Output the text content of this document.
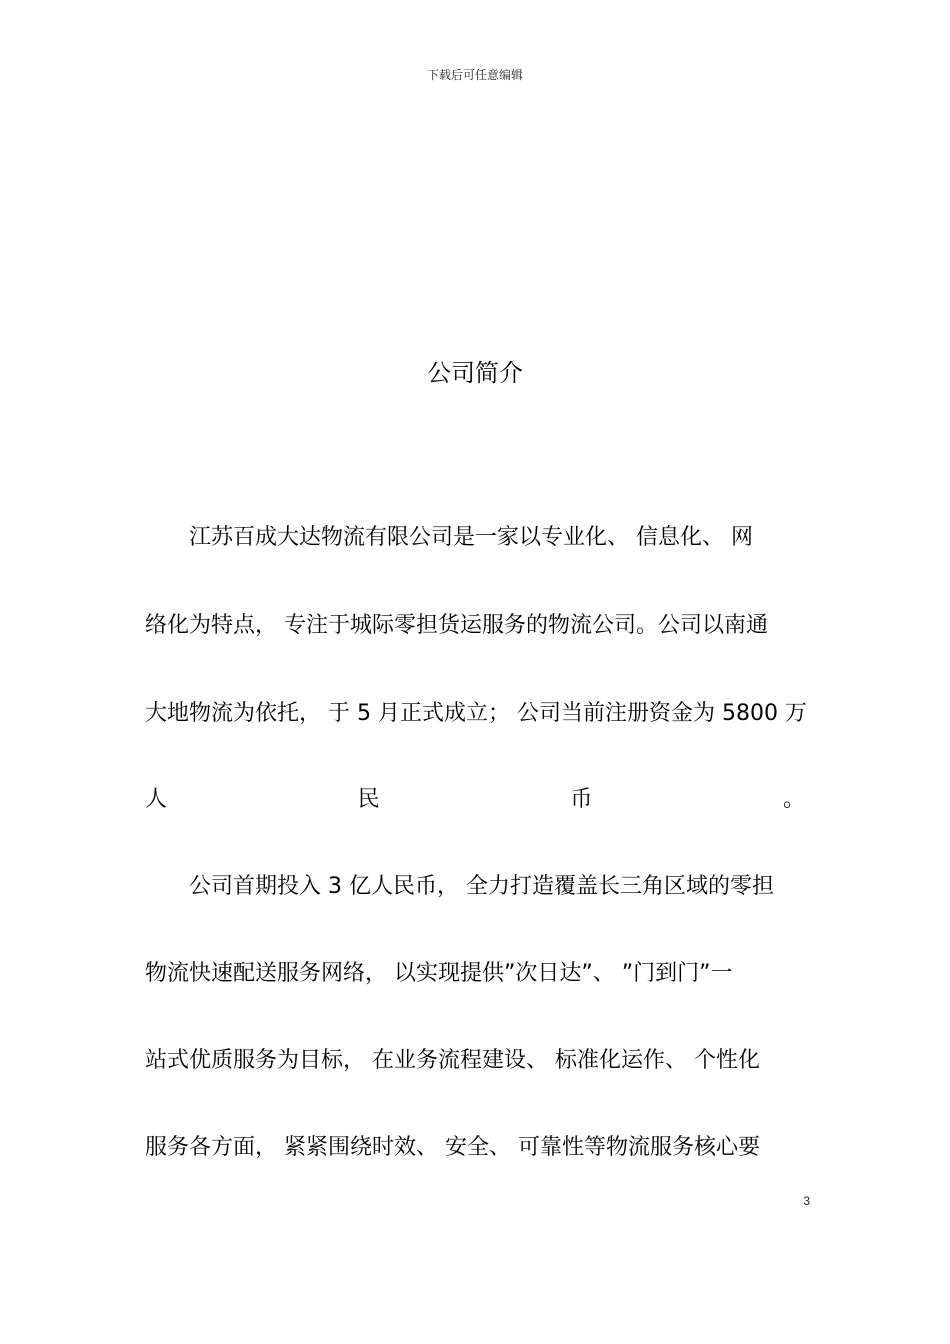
下载后可任意编辑
公司简介

　　江苏百成大达物流有限公司是一家以专业化、 信息化、 网

络化为特点， 专注于城际零担货运服务的物流公司。公司以南通

大地物流为依托， 于 5 月正式成立； 公司当前注册资金为 5800 万

人	民	币	。

　　公司首期投入 3 亿人民币， 全力打造覆盖长三角区域的零担

物流快速配送服务网络， 以实现提供”次日达”、 ”门到门”一

站式优质服务为目标， 在业务流程建设、 标准化运作、 个性化

服务各方面， 紧紧围绕时效、 安全、 可靠性等物流服务核心要

3
